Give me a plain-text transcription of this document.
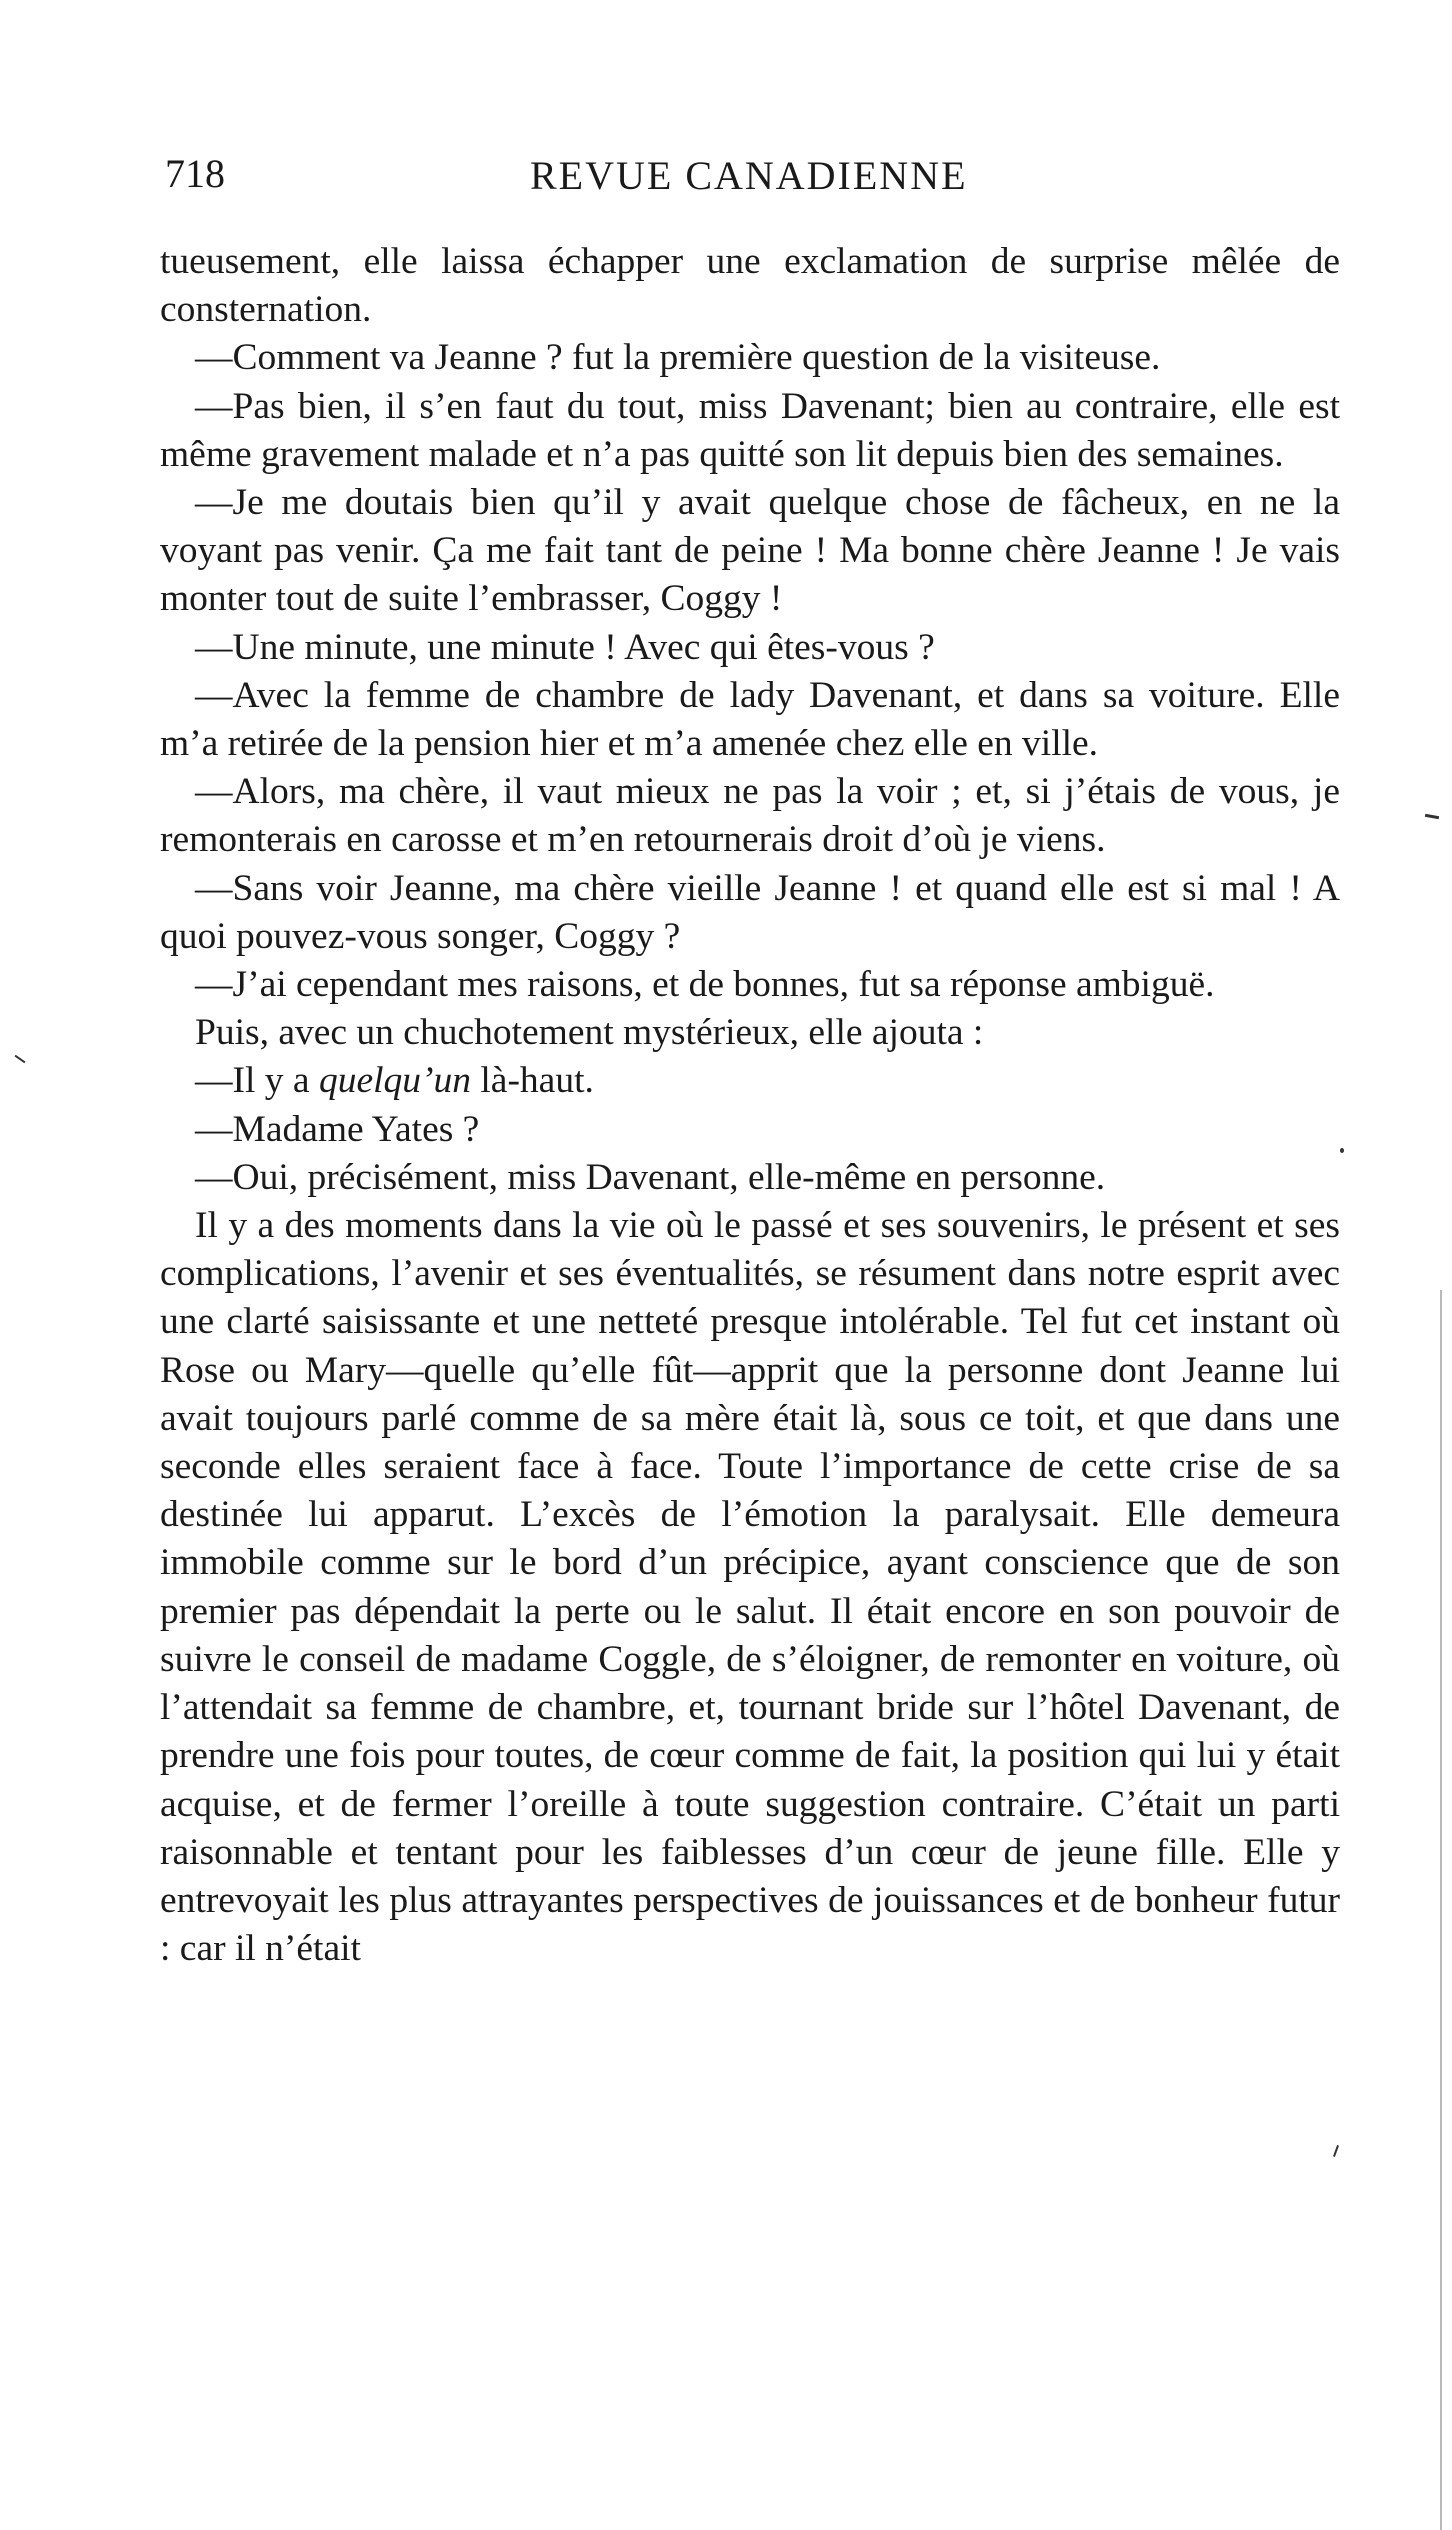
718	REVUE CANADIENNE

tueusement, elle laissa échapper une exclamation de surprise mêlée de consternation.

—Comment va Jeanne ? fut la première question de la visiteuse.

—Pas bien, il s’en faut du tout, miss Davenant; bien au contraire, elle est même gravement malade et n’a pas quitté son lit depuis bien des semaines.

—Je me doutais bien qu’il y avait quelque chose de fâcheux, en ne la voyant pas venir. Ça me fait tant de peine ! Ma bonne chère Jeanne ! Je vais monter tout de suite l’embrasser, Coggy !

—Une minute, une minute ! Avec qui êtes-vous ?

—Avec la femme de chambre de lady Davenant, et dans sa voiture. Elle m’a retirée de la pension hier et m’a amenée chez elle en ville.

—Alors, ma chère, il vaut mieux ne pas la voir ; et, si j’étais de vous, je remonterais en carosse et m’en retournerais droit d’où je viens.

—Sans voir Jeanne, ma chère vieille Jeanne ! et quand elle est si mal ! A quoi pouvez-vous songer, Coggy ?

—J’ai cependant mes raisons, et de bonnes, fut sa réponse ambiguë.

Puis, avec un chuchotement mystérieux, elle ajouta :

—Il y a quelqu’un là-haut.

—Madame Yates ?

—Oui, précisément, miss Davenant, elle-même en personne.

Il y a des moments dans la vie où le passé et ses souvenirs, le présent et ses complications, l’avenir et ses éventualités, se résument dans notre esprit avec une clarté saisissante et une netteté presque intolérable. Tel fut cet instant où Rose ou Mary—quelle qu’elle fût—apprit que la personne dont Jeanne lui avait toujours parlé comme de sa mère était là, sous ce toit, et que dans une seconde elles seraient face à face. Toute l’importance de cette crise de sa destinée lui apparut. L’excès de l’émotion la paralysait. Elle demeura immobile comme sur le bord d’un précipice, ayant conscience que de son premier pas dépendait la perte ou le salut. Il était encore en son pouvoir de suivre le conseil de madame Coggle, de s’éloigner, de remonter en voiture, où l’attendait sa femme de chambre, et, tournant bride sur l’hôtel Davenant, de prendre une fois pour toutes, de cœur comme de fait, la position qui lui y était acquise, et de fermer l’oreille à toute suggestion contraire. C’était un parti raisonnable et tentant pour les faiblesses d’un cœur de jeune fille. Elle y entrevoyait les plus attrayantes perspectives de jouissances et de bonheur futur : car il n’était
